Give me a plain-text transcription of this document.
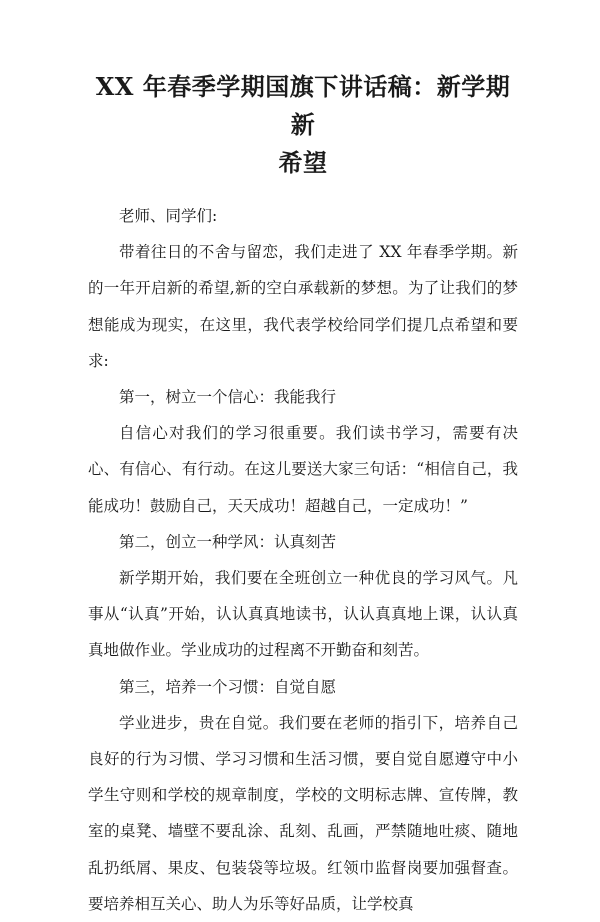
XX 年春季学期国旗下讲话稿：新学期新
希望

老师、同学们:

带着往日的不舍与留恋，我们走进了 XX 年春季学期。新的一年开启新的希望,新的空白承载新的梦想。为了让我们的梦想能成为现实，在这里，我代表学校给同学们提几点希望和要求:

第一，树立一个信心：我能我行

自信心对我们的学习很重要。我们读书学习，需要有决心、有信心、有行动。在这儿要送大家三句话：“相信自己，我能成功！鼓励自己，天天成功！超越自己，一定成功！”

第二，创立一种学风：认真刻苦

新学期开始，我们要在全班创立一种优良的学习风气。凡事从“认真”开始，认认真真地读书，认认真真地上课，认认真真地做作业。学业成功的过程离不开勤奋和刻苦。

第三，培养一个习惯：自觉自愿

学业进步，贵在自觉。我们要在老师的指引下，培养自己良好的行为习惯、学习习惯和生活习惯，要自觉自愿遵守中小学生守则和学校的规章制度，学校的文明标志牌、宣传牌，教室的桌凳、墙壁不要乱涂、乱刻、乱画，严禁随地吐痰、随地乱扔纸屑、果皮、包装袋等垃圾。红领巾监督岗要加强督查。要培养相互关心、助人为乐等好品质，让学校真
